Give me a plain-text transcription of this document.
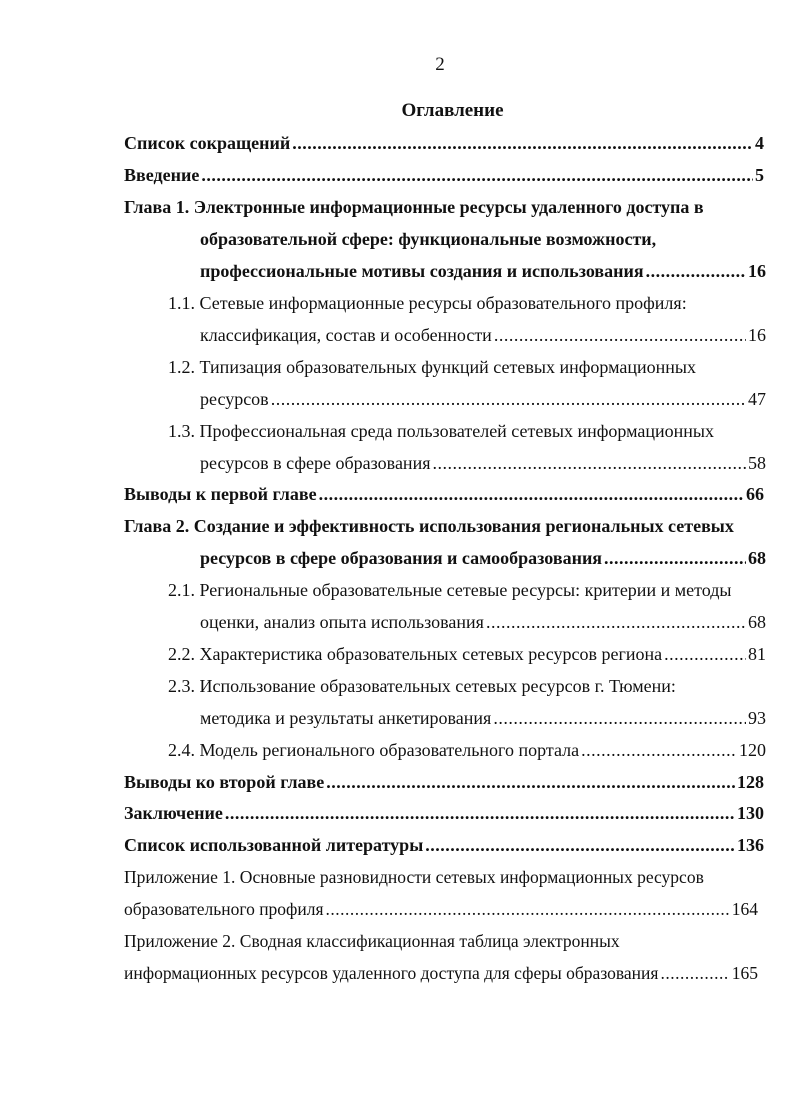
2
Оглавление
Список сокращений .....	4
Введение .....	5
Глава 1. Электронные информационные ресурсы удаленного доступа в
образовательной сфере: функциональные возможности,
профессиональные мотивы создания и использования .....	16
1.1. Сетевые информационные ресурсы образовательного профиля:
классификация, состав и особенности .....	16
1.2. Типизация образовательных функций сетевых информационных
ресурсов .....	47
1.3. Профессиональная среда пользователей сетевых информационных
ресурсов в сфере образования .....	58
Выводы к первой главе .....	66
Глава 2. Создание и эффективность использования региональных сетевых
ресурсов в сфере образования и самообразования .....	68
2.1. Региональные образовательные сетевые ресурсы: критерии и методы
оценки, анализ опыта использования .....	68
2.2. Характеристика образовательных сетевых ресурсов региона .....	81
2.3. Использование образовательных сетевых ресурсов г. Тюмени:
методика и результаты анкетирования .....	93
2.4. Модель регионального образовательного портала .....	120
Выводы ко второй главе .....	128
Заключение .....	130
Список использованной литературы .....	136
Приложение 1. Основные разновидности сетевых информационных ресурсов
образовательного профиля .....	164
Приложение 2. Сводная классификационная таблица электронных
информационных ресурсов удаленного доступа для сферы образования .....	165
